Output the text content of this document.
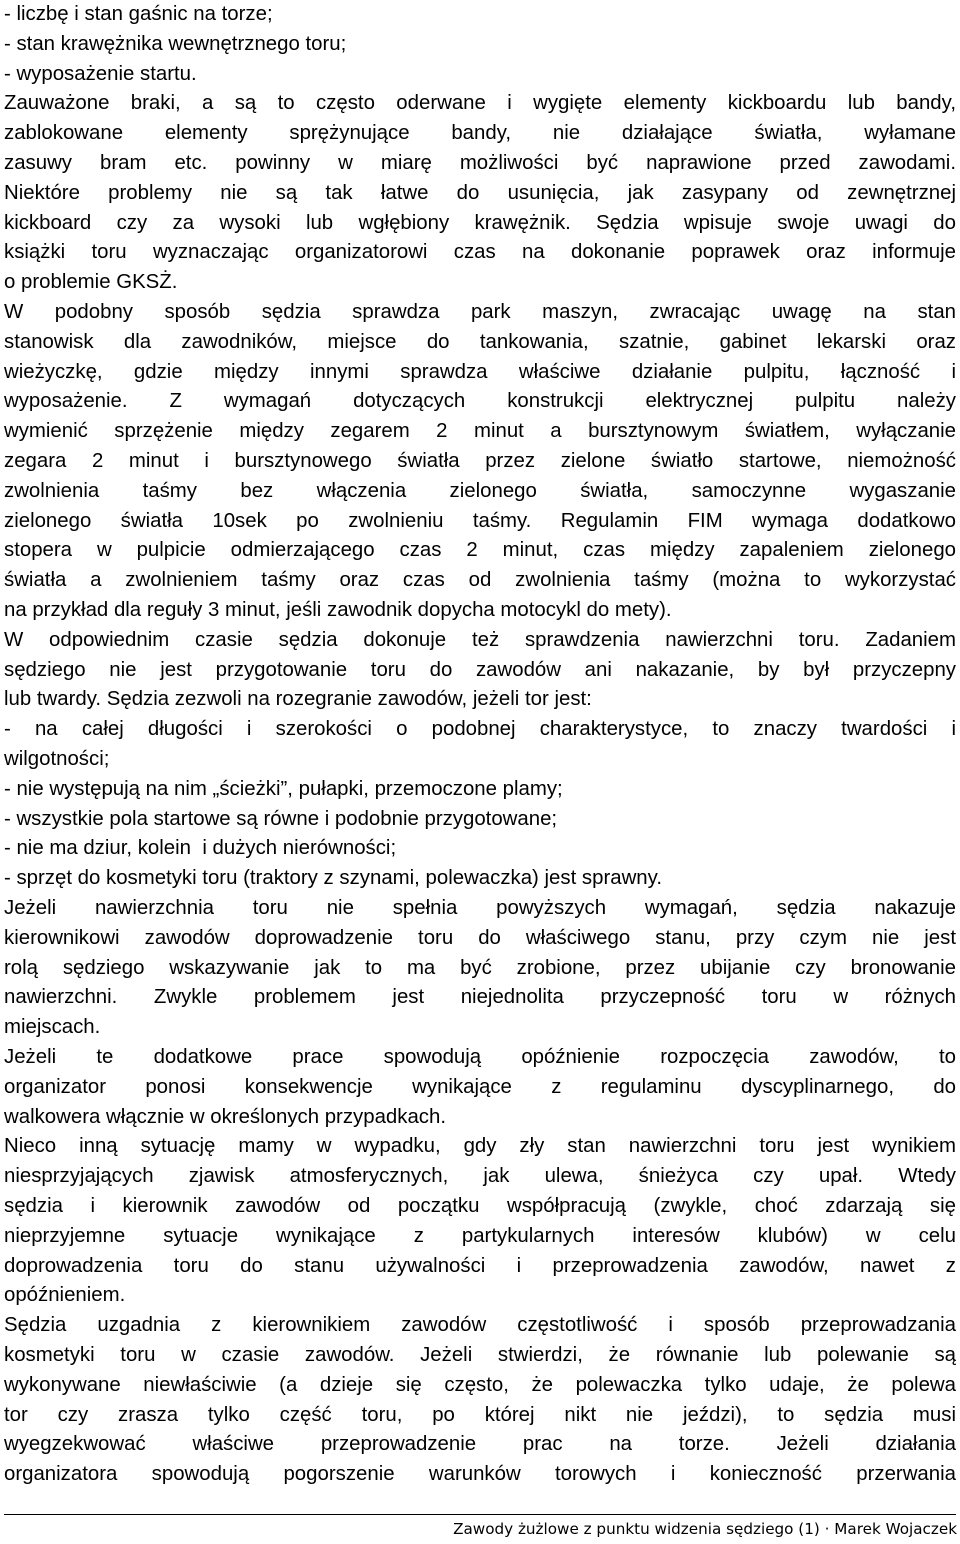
- liczbę i stan gaśnic na torze;
- stan krawężnika wewnętrznego toru;
- wyposażenie startu.
Zauważone braki, a są to często oderwane i wygięte elementy kickboardu lub bandy,
zablokowane elementy sprężynujące bandy, nie działające światła, wyłamane
zasuwy bram etc. powinny w miarę możliwości być naprawione przed zawodami.
Niektóre problemy nie są tak łatwe do usunięcia, jak zasypany od zewnętrznej
kickboard czy za wysoki lub wgłębiony krawężnik. Sędzia wpisuje swoje uwagi do
książki toru wyznaczając organizatorowi czas na dokonanie poprawek oraz informuje
o problemie GKSŻ.
W podobny sposób sędzia sprawdza park maszyn, zwracając uwagę na stan
stanowisk dla zawodników, miejsce do tankowania, szatnie, gabinet lekarski oraz
wieżyczkę, gdzie między innymi sprawdza właściwe działanie pulpitu, łączność i
wyposażenie. Z wymagań dotyczących konstrukcji elektrycznej pulpitu należy
wymienić sprzężenie między zegarem 2 minut a bursztynowym światłem, wyłączanie
zegara 2 minut i bursztynowego światła przez zielone światło startowe, niemożność
zwolnienia taśmy bez włączenia zielonego światła, samoczynne wygaszanie
zielonego światła 10sek po zwolnieniu taśmy. Regulamin FIM wymaga dodatkowo
stopera w pulpicie odmierzającego czas 2 minut, czas między zapaleniem zielonego
światła a zwolnieniem taśmy oraz czas od zwolnienia taśmy (można to wykorzystać
na przykład dla reguły 3 minut, jeśli zawodnik dopycha motocykl do mety).
W odpowiednim czasie sędzia dokonuje też sprawdzenia nawierzchni toru. Zadaniem
sędziego nie jest przygotowanie toru do zawodów ani nakazanie, by był przyczepny
lub twardy. Sędzia zezwoli na rozegranie zawodów, jeżeli tor jest:
- na całej długości i szerokości o podobnej charakterystyce, to znaczy twardości i
wilgotności;
- nie występują na nim „ścieżki”, pułapki, przemoczone plamy;
- wszystkie pola startowe są równe i podobnie przygotowane;
- nie ma dziur, kolein  i dużych nierówności;
- sprzęt do kosmetyki toru (traktory z szynami, polewaczka) jest sprawny.
Jeżeli nawierzchnia toru nie spełnia powyższych wymagań, sędzia nakazuje
kierownikowi zawodów doprowadzenie toru do właściwego stanu, przy czym nie jest
rolą sędziego wskazywanie jak to ma być zrobione, przez ubijanie czy bronowanie
nawierzchni. Zwykle problemem jest niejednolita przyczepność toru w różnych
miejscach.
Jeżeli te dodatkowe prace spowodują opóźnienie rozpoczęcia zawodów, to
organizator ponosi konsekwencje wynikające z regulaminu dyscyplinarnego, do
walkowera włącznie w określonych przypadkach.
Nieco inną sytuację mamy w wypadku, gdy zły stan nawierzchni toru jest wynikiem
niesprzyjających zjawisk atmosferycznych, jak ulewa, śnieżyca czy upał. Wtedy
sędzia i kierownik zawodów od początku współpracują (zwykle, choć zdarzają się
nieprzyjemne sytuacje wynikające z partykularnych interesów klubów) w celu
doprowadzenia toru do stanu używalności i przeprowadzenia zawodów, nawet z
opóźnieniem.
Sędzia uzgadnia z kierownikiem zawodów częstotliwość i sposób przeprowadzania
kosmetyki toru w czasie zawodów. Jeżeli stwierdzi, że równanie lub polewanie są
wykonywane niewłaściwie (a dzieje się często, że polewaczka tylko udaje, że polewa
tor czy zrasza tylko część toru, po której nikt nie jeździ), to sędzia musi
wyegzekwować właściwe przeprowadzenie prac na torze. Jeżeli działania
organizatora spowodują pogorszenie warunków torowych i konieczność przerwania
Zawody żużlowe z punktu widzenia sędziego (1) · Marek Wojaczek
